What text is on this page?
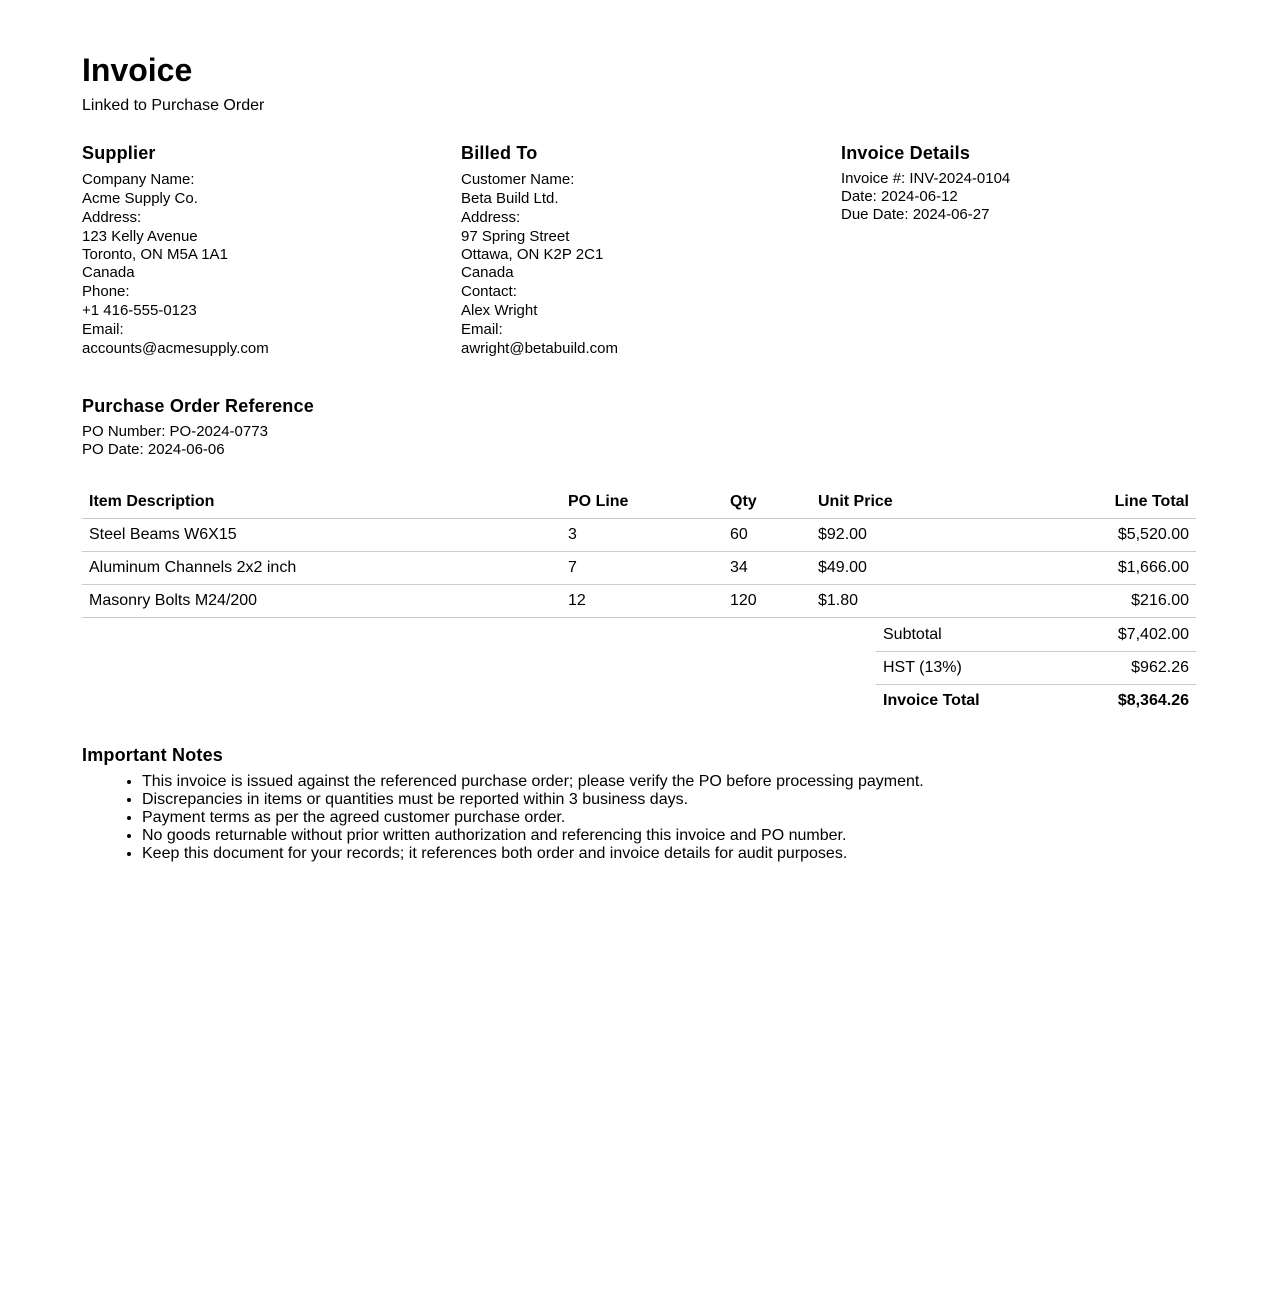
Invoice
Linked to Purchase Order
Supplier
Company Name:
Acme Supply Co.
Address:
123 Kelly Avenue
Toronto, ON M5A 1A1
Canada
Phone:
+1 416-555-0123
Email:
accounts@acmesupply.com
Billed To
Customer Name:
Beta Build Ltd.
Address:
97 Spring Street
Ottawa, ON K2P 2C1
Canada
Contact:
Alex Wright
Email:
awright@betabuild.com
Invoice Details
Invoice #: INV-2024-0104
Date: 2024-06-12
Due Date: 2024-06-27
Purchase Order Reference
PO Number: PO-2024-0773
PO Date: 2024-06-06
Item Description	PO Line	Qty	Unit Price	Line Total
Steel Beams W6X15	3	60	$92.00	$5,520.00
Aluminum Channels 2x2 inch	7	34	$49.00	$1,666.00
Masonry Bolts M24/200	12	120	$1.80	$216.00
Subtotal	$7,402.00
HST (13%)	$962.26
Invoice Total	$8,364.26
Important Notes
• This invoice is issued against the referenced purchase order; please verify the PO before processing payment.
• Discrepancies in items or quantities must be reported within 3 business days.
• Payment terms as per the agreed customer purchase order.
• No goods returnable without prior written authorization and referencing this invoice and PO number.
• Keep this document for your records; it references both order and invoice details for audit purposes.
